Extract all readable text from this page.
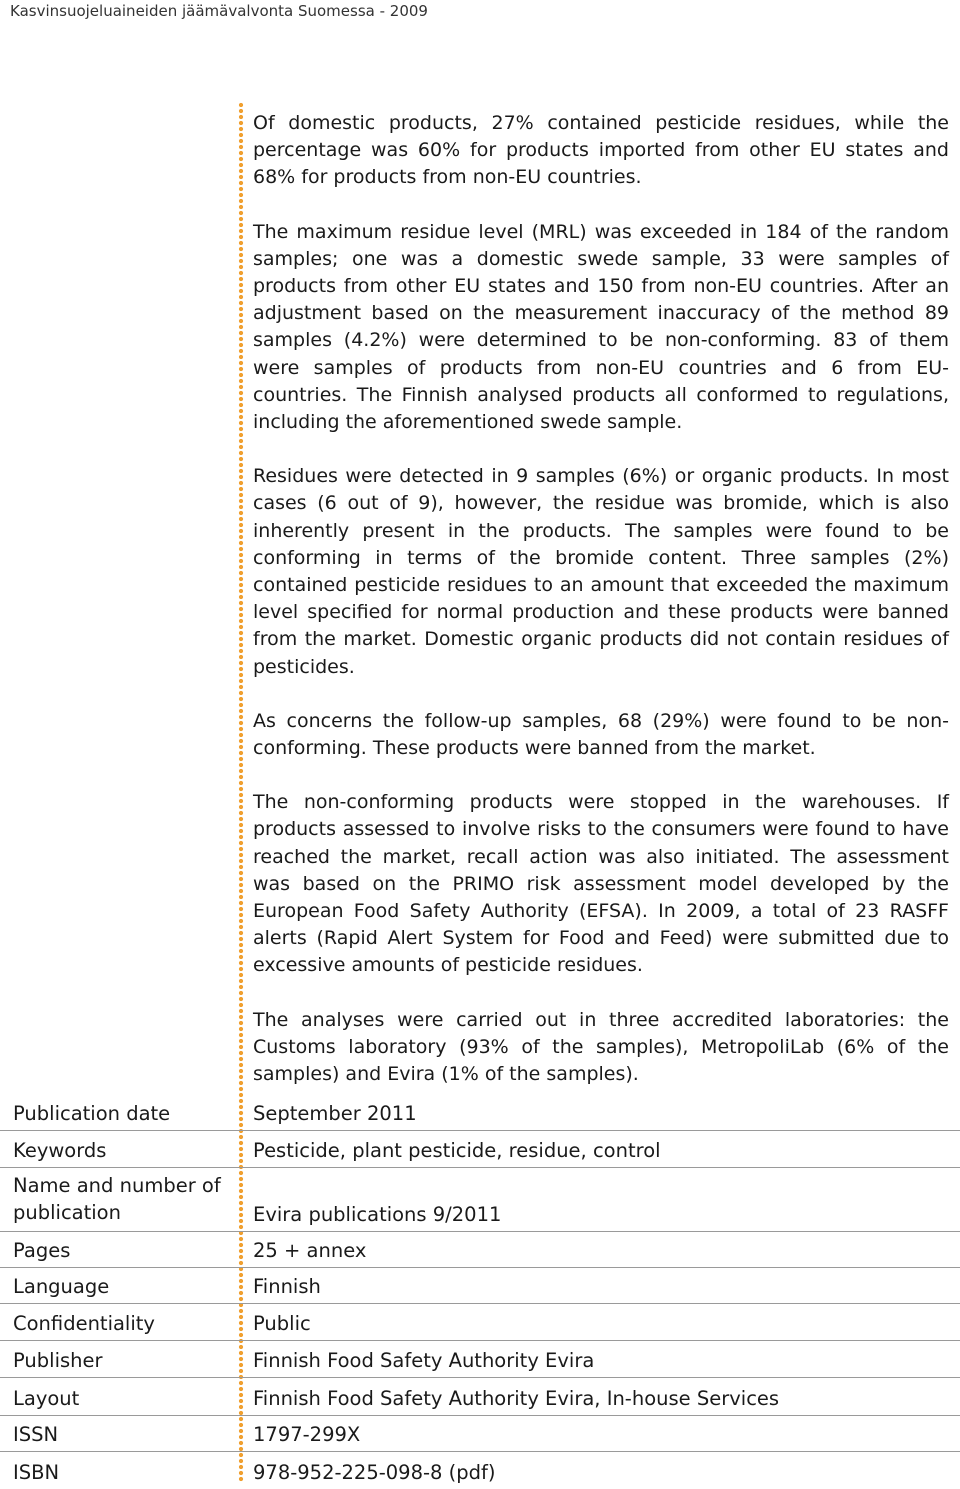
Kasvinsuojeluaineiden jäämävalvonta Suomessa - 2009

Of domestic products, 27% contained pesticide residues, while the percentage was 60% for products imported from other EU states and 68% for products from non-EU countries.

The maximum residue level (MRL) was exceeded in 184 of the random samples; one was a domestic swede sample, 33 were samples of products from other EU states and 150 from non-EU countries. After an adjustment based on the measurement inaccuracy of the method 89 samples (4.2%) were determined to be non-conforming. 83 of them were samples of products from non-EU countries and 6 from EU-countries. The Finnish analysed products all conformed to regulations, including the aforementioned swede sample.

Residues were detected in 9 samples (6%) or organic products. In most cases (6 out of 9), however, the residue was bromide, which is also inherently present in the products. The samples were found to be conforming in terms of the bromide content. Three samples (2%) contained pesticide residues to an amount that exceeded the maximum level specified for normal production and these products were banned from the market. Domestic organic products did not contain residues of pesticides.

As concerns the follow-up samples, 68 (29%) were found to be non-conforming. These products were banned from the market.

The non-conforming products were stopped in the warehouses. If products assessed to involve risks to the consumers were found to have reached the market, recall action was also initiated. The assessment was based on the PRIMO risk assessment model developed by the European Food Safety Authority (EFSA). In 2009, a total of 23 RASFF alerts (Rapid Alert System for Food and Feed) were submitted due to excessive amounts of pesticide residues.

The analyses were carried out in three accredited laboratories: the Customs laboratory (93% of the samples), MetropoliLab (6% of the samples) and Evira (1% of the samples).

Publication date	September 2011
Keywords	Pesticide, plant pesticide, residue, control
Name and number of publication	Evira publications 9/2011
Pages	25 + annex
Language	Finnish
Confidentiality	Public
Publisher	Finnish Food Safety Authority Evira
Layout	Finnish Food Safety Authority Evira, In-house Services
ISSN	1797-299X
ISBN	978-952-225-098-8 (pdf)
